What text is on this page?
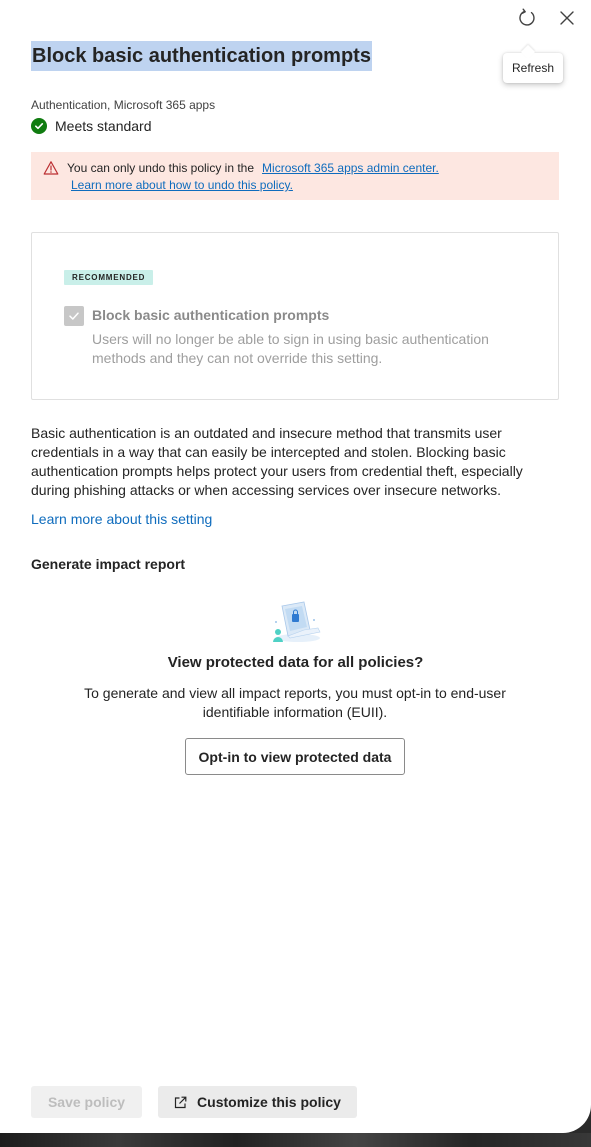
Refresh
Block basic authentication prompts
Authentication, Microsoft 365 apps
Meets standard
You can only undo this policy in the Microsoft 365 apps admin center.
Learn more about how to undo this policy.
RECOMMENDED
Block basic authentication prompts
Users will no longer be able to sign in using basic authentication methods and they can not override this setting.
Basic authentication is an outdated and insecure method that transmits user credentials in a way that can easily be intercepted and stolen. Blocking basic authentication prompts helps protect your users from credential theft, especially during phishing attacks or when accessing services over insecure networks.
Learn more about this setting
Generate impact report
View protected data for all policies?
To generate and view all impact reports, you must opt-in to end-user identifiable information (EUII).
Opt-in to view protected data
Save policy	Customize this policy
